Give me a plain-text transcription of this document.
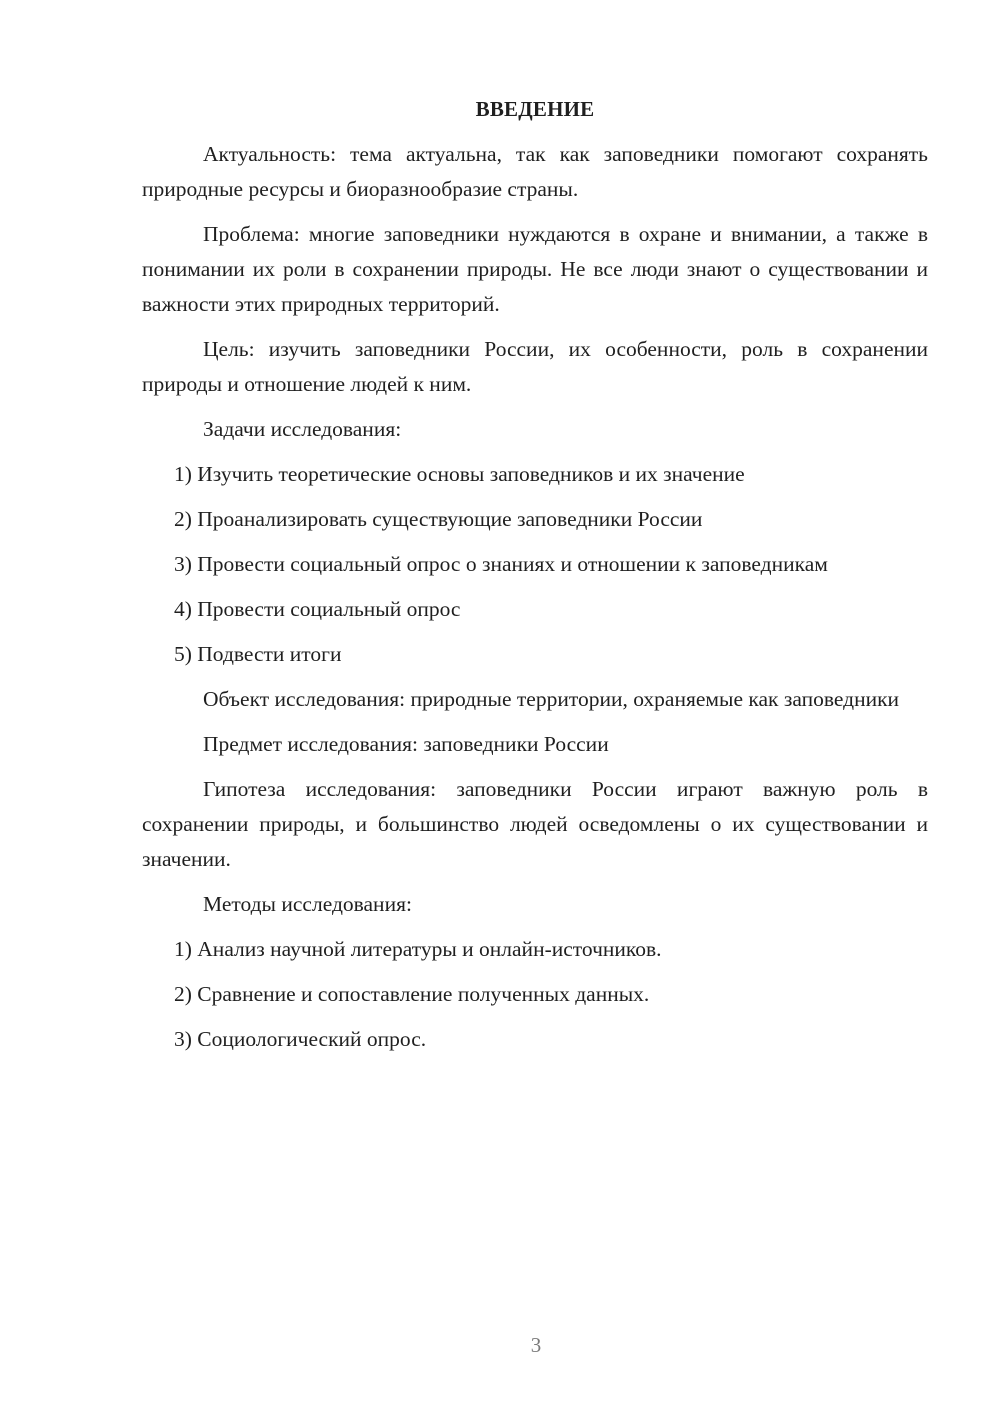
ВВЕДЕНИЕ

Актуальность: тема актуальна, так как заповедники помогают сохранять природные ресурсы и биоразнообразие страны.

Проблема: многие заповедники нуждаются в охране и внимании, а также в понимании их роли в сохранении природы. Не все люди знают о существовании и важности этих природных территорий.

Цель: изучить заповедники России, их особенности, роль в сохранении природы и отношение людей к ним.

Задачи исследования:

1) Изучить теоретические основы заповедников и их значение

2) Проанализировать существующие заповедники России

3) Провести социальный опрос о знаниях и отношении к заповедникам

4) Провести социальный опрос

5) Подвести итоги

Объект исследования: природные территории, охраняемые как заповедники

Предмет исследования: заповедники России

Гипотеза исследования: заповедники России играют важную роль в сохранении природы, и большинство людей осведомлены о их существовании и значении.

Методы исследования:

1) Анализ научной литературы и онлайн-источников.

2) Сравнение и сопоставление полученных данных.

3) Социологический опрос.

3
